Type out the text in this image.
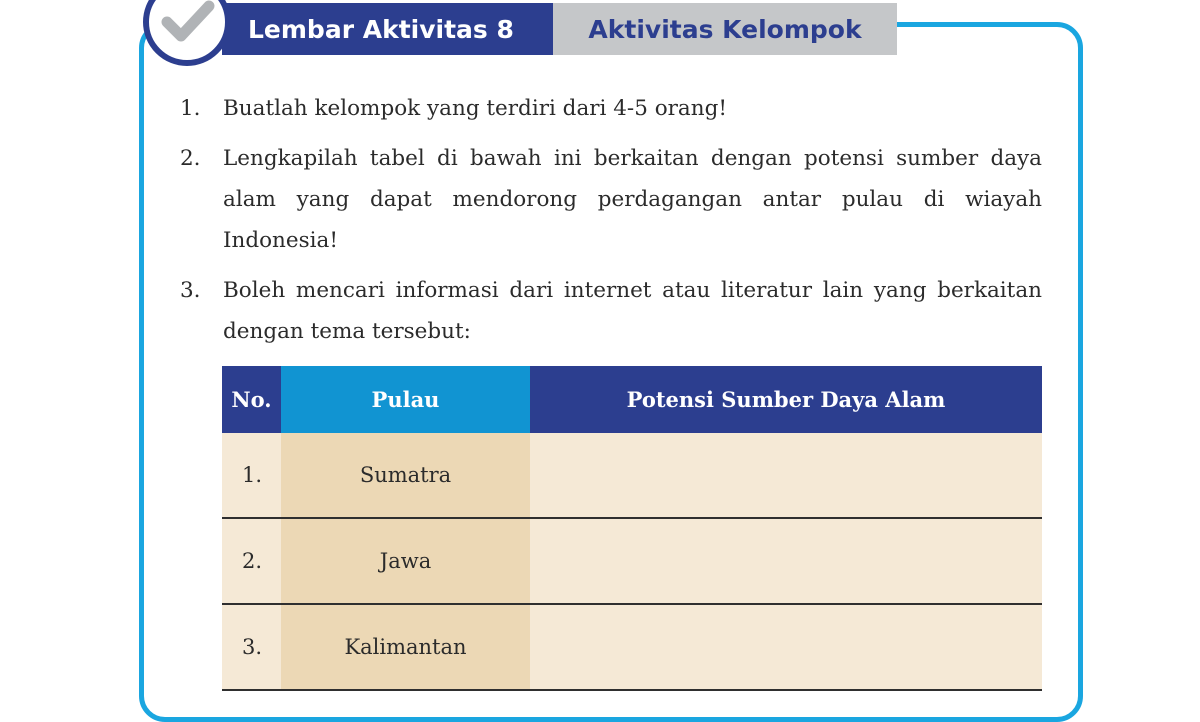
Lembar Aktivitas 8	Aktivitas Kelompok
1. Buatlah kelompok yang terdiri dari 4-5 orang!
2. Lengkapilah tabel di bawah ini berkaitan dengan potensi sumber daya alam yang dapat mendorong perdagangan antar pulau di wiayah Indonesia!
3. Boleh mencari informasi dari internet atau literatur lain yang berkaitan dengan tema tersebut:
No.	Pulau	Potensi Sumber Daya Alam
1.	Sumatra	
2.	Jawa	
3.	Kalimantan	
